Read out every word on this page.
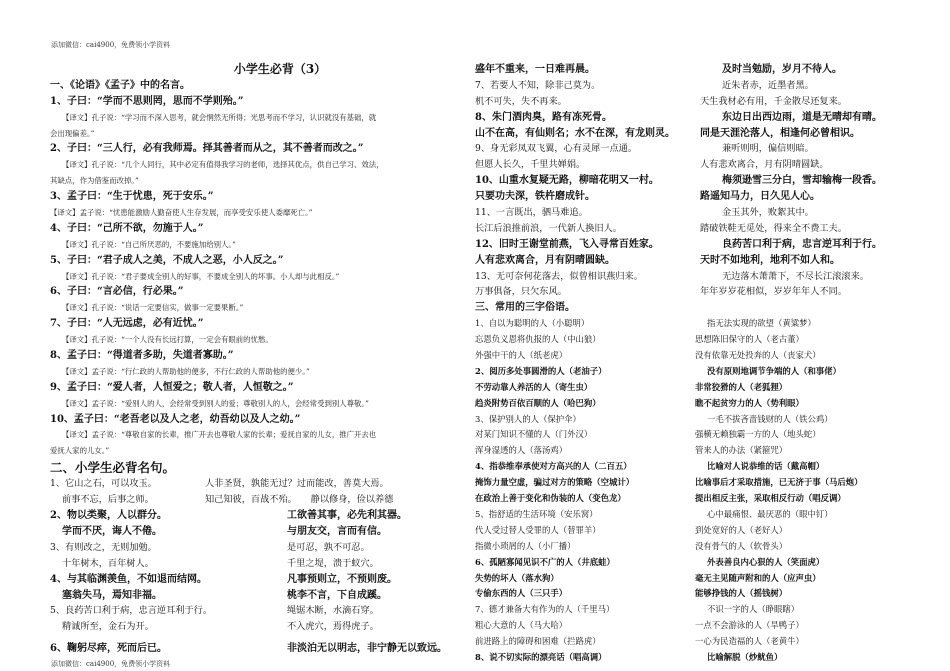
添加微信：cai4900，免费领小学资料
小学生必背（3）
一、《论语》《孟子》中的名言。
1、子曰：“学而不思则罔，思而不学则殆。”
【译文】孔子说：“学习而不深入思考，就会惘然无所得；光思考而不学习，认识就没有基础，就
会出现偏差。”
2、子曰：“三人行，必有我师焉。择其善者而从之，其不善者而改之。”
【译文】孔子说：“几个人同行，其中必定有值得我学习的老师，选择其优点，供自己学习、效法，
其缺点，作为借鉴而改掉。”
3、孟子曰：“生于忧患，死于安乐。”
【译文】孟子说：“忧患能激励人勤奋使人生存发展，而享受安乐使人委靡死亡。”
4、子曰：“己所不欲，勿施于人。”
【译文】孔子说：“自己所厌恶的，不要施加给别人。”
5、子曰：“君子成人之美，不成人之恶，小人反之。”
【译文】孔子说：“君子要成全别人的好事，不要成全别人的坏事。小人却与此相反。”
6、子曰：“言必信，行必果。”
【译文】孔子说：“说话一定要信实，做事一定要果断。”
7、子曰：“人无远虑，必有近忧。”
【译文】孔子说：“一个人没有长远打算，一定会有眼前的忧愁。
8、孟子曰：“得道者多助，失道者寡助。”
【译文】孟子说：“行仁政的人帮助他的便多，不行仁政的人帮助他的便少。”
9、孟子曰：“爱人者，人恒爱之；敬人者，人恒敬之。”
【译文】孟子说：“爱别人的人，会经常受到别人的爱；尊敬别人的人，会经常受到别人尊敬。”
10、孟子曰：“老吾老以及人之老，幼吾幼以及人之幼。”
【译文】孟子说：“尊敬自家的长辈，推广开去也尊敬人家的长辈；爱抚自家的儿女，推广开去也
爱抚人家的儿女。”
二、小学生必背名句。
1、它山之石，可以攻玉。	人非圣贤，孰能无过？过而能改，善莫大焉。
前事不忘，后事之师。	知己知彼，百战不殆。　　静以修身，俭以养德
2、物以类聚，人以群分。	工欲善其事，必先利其器。
学而不厌，诲人不倦。	与朋友交，言而有信。
3、有则改之，无则加勉。	是可忍，孰不可忍。
十年树木，百年树人。	千里之堤，溃于蚁穴。
4、与其临渊羡鱼，不如退而结网。	凡事预则立，不预则废。
塞翁失马，焉知非福。	桃李不言，下自成蹊。
5、良药苦口利于病，忠言逆耳利于行。	绳锯木断，水滴石穿。
精诚所至，金石为开。	不入虎穴，焉得虎子。
6、鞠躬尽瘁，死而后已。	非淡泊无以明志，非宁静无以致远。
盛年不重来，一日难再晨。	及时当勉励，岁月不待人。
7、若要人不知，除非己莫为。	近朱者赤，近墨者黑。
机不可失，失不再来。	天生我材必有用，千金散尽还复来。
8、朱门酒肉臭，路有冻死骨。	东边日出西边雨，道是无晴却有晴。
山不在高，有仙则名；水不在深，有龙则灵。	同是天涯沦落人，相逢何必曾相识。
9、身无彩凤双飞翼，心有灵犀一点通。	兼听则明，偏信则暗。
但愿人长久，千里共婵娟。	人有悲欢离合，月有阴晴圆缺。
10、山重水复疑无路，柳暗花明又一村。	梅须逊雪三分白，雪却输梅一段香。
只要功夫深，铁杵磨成针。	路遥知马力，日久见人心。
11、一言既出，驷马难追。	金玉其外，败絮其中。
长江后浪推前浪，一代新人换旧人。	踏破铁鞋无觅处，得来全不费工夫。
12、旧时王谢堂前燕，飞入寻常百姓家。	良药苦口利于病，忠言逆耳利于行。
人有悲欢离合，月有阴晴圆缺。	天时不如地利，地利不如人和。
13、无可奈何花落去，似曾相识燕归来。	无边落木萧萧下，不尽长江滚滚来。
万事俱备，只欠东风。	年年岁岁花相似，岁岁年年人不同。
三、常用的三字俗语。
1、自以为聪明的人（小聪明）	指无法实现的欲望（黄粱梦）
忘恩负义恩将仇报的人（中山狼）	思想陈旧保守的人（老古董）
外强中干的人（纸老虎）	没有依靠无处投奔的人（丧家犬）
2、阅历多处事圆滑的人（老油子）	没有原则地调节争端的人（和事佬）
不劳动靠人养活的人（寄生虫）	非常狡猾的人（老狐狸）
趋炎附势百依百顺的人（哈巴狗）	瞧不起贫穷力的人（势利眼）
3、保护别人的人（保护伞）	一毛不拔吝啬钱财的人（铁公鸡）
对某门知识不懂的人（门外汉）	强横无赖独霸一方的人（地头蛇）
浑身湿透的人（落汤鸡）	管来人的办法（紧箍咒）
4、指恭维奉承使对方高兴的人（二百五）	比喻对人说恭维的话（戴高帽）
掩饰力量空虚，骗过对方的策略（空城计）	比喻事后才采取措施，已无济于事（马后炮）
在政治上善于变化和伪装的人（变色龙）	提出相反主张，采取相反行动（唱反调）
5、指舒适的生活环境（安乐窝）	心中最痛恨、最厌恶的（眼中钉）
代人受过替人受罪的人（替罪羊）	到处宽好的人（老好人）
指微小琐屑的人（小厂播）	没有骨气的人（软骨头）
6、孤陋寡闻见识不广的人（井底蛙）	外表善良内心狠的人（笑面虎）
失势的坏人（落水狗）	毫无主见随声附和的人（应声虫）
专偷东西的人（三只手）	能够挣钱的人（摇钱树）
7、德才兼备大有作为的人（千里马）	不识一字的人（睁眼瞎）
粗心大意的人（马大哈）	一点不会游泳的人（旱鸭子）
前进路上的障碍和困难（拦路虎）	一心为民造福的人（老黄牛）
8、说不切实际的漂亮话（唱高调）	比喻解脱（炒鱿鱼）
添加微信：cai4900，免费领小学资料
